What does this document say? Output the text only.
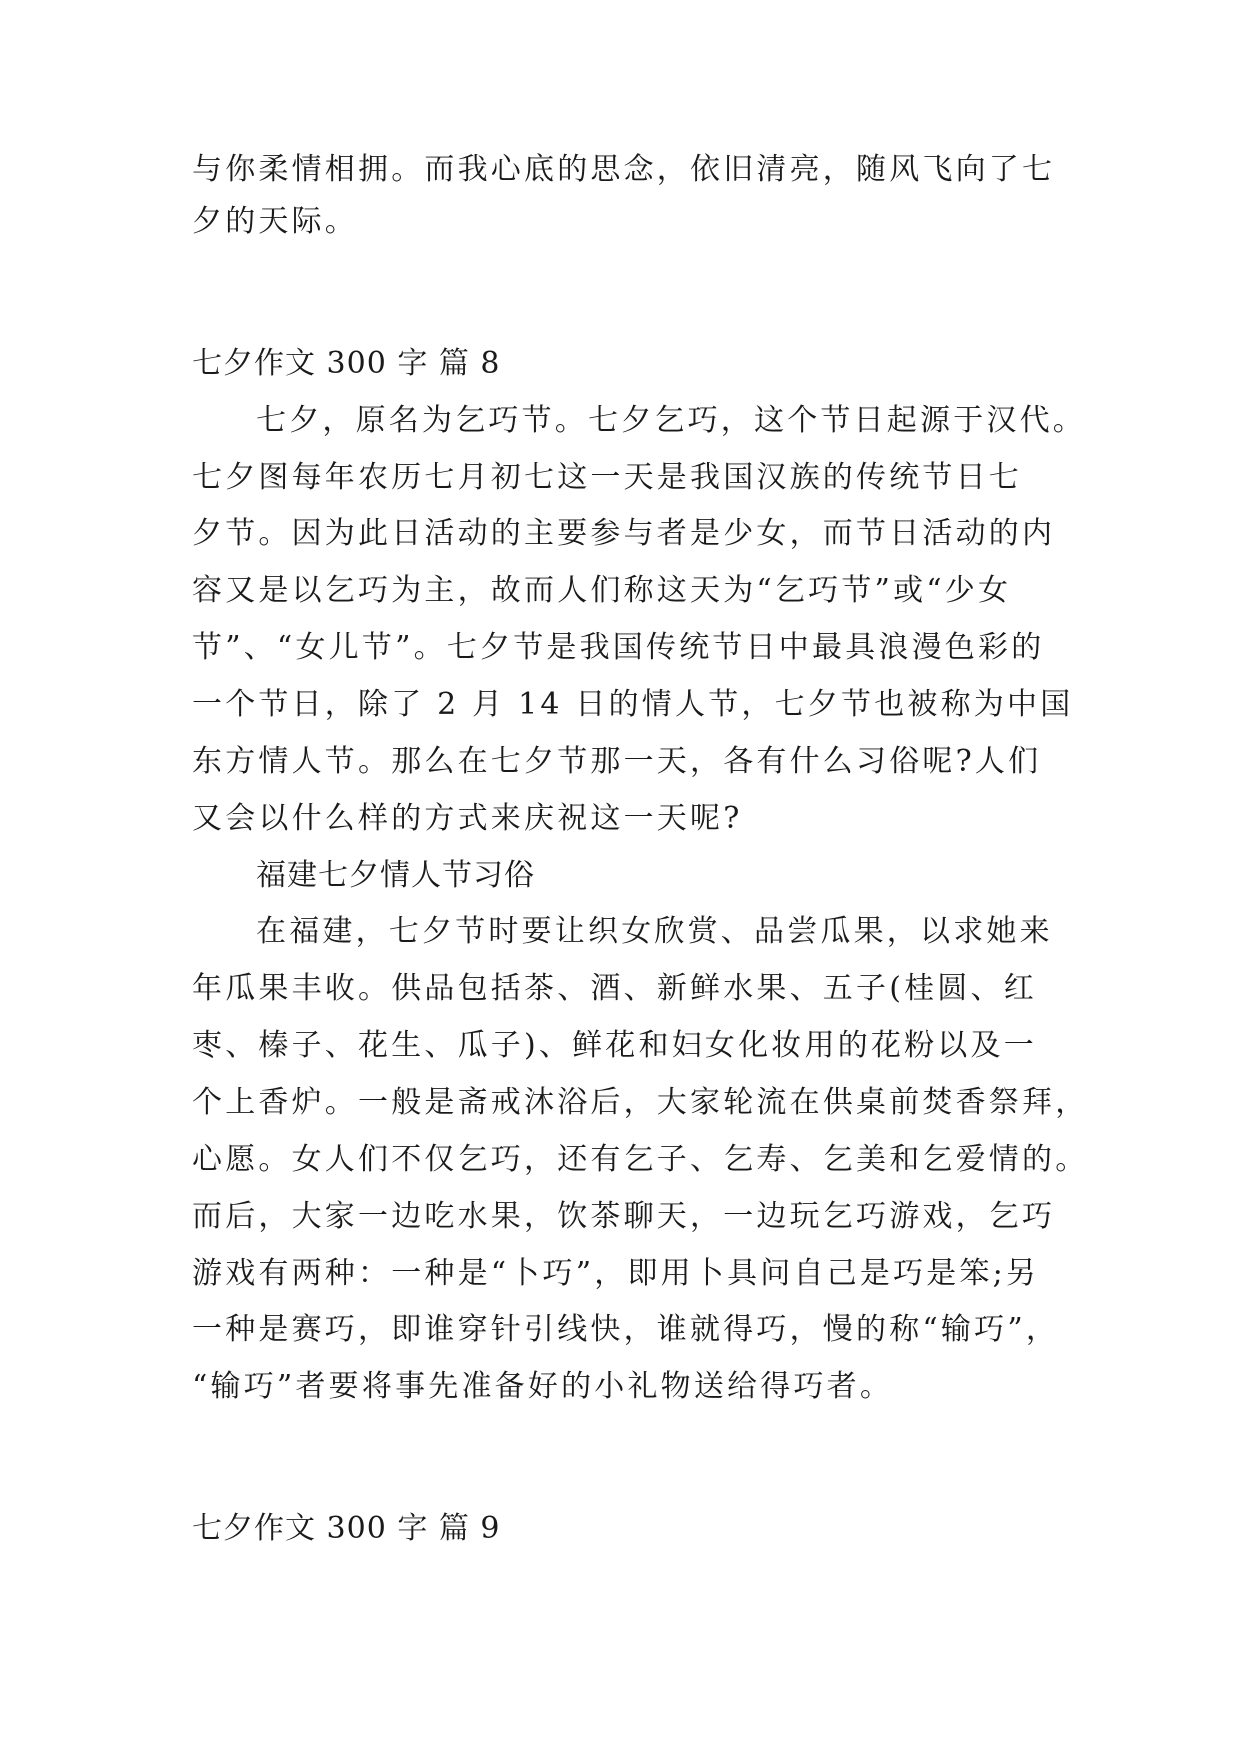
与你柔情相拥。而我心底的思念，依旧清亮，随风飞向了七
夕的天际。
七夕作文 300 字 篇 8
七夕，原名为乞巧节。七夕乞巧，这个节日起源于汉代。
七夕图每年农历七月初七这一天是我国汉族的传统节日七
夕节。因为此日活动的主要参与者是少女，而节日活动的内
容又是以乞巧为主，故而人们称这天为“乞巧节”或“少女
节”、“女儿节”。七夕节是我国传统节日中最具浪漫色彩的
一个节日，除了 2 月 14 日的情人节，七夕节也被称为中国
东方情人节。那么在七夕节那一天，各有什么习俗呢?人们
又会以什么样的方式来庆祝这一天呢?
福建七夕情人节习俗
在福建，七夕节时要让织女欣赏、品尝瓜果，以求她来
年瓜果丰收。供品包括茶、酒、新鲜水果、五子(桂圆、红
枣、榛子、花生、瓜子)、鲜花和妇女化妆用的花粉以及一
个上香炉。一般是斋戒沐浴后，大家轮流在供桌前焚香祭拜，
心愿。女人们不仅乞巧，还有乞子、乞寿、乞美和乞爱情的。
而后，大家一边吃水果，饮茶聊天，一边玩乞巧游戏，乞巧
游戏有两种：一种是“卜巧”，即用卜具问自己是巧是笨;另
一种是赛巧，即谁穿针引线快，谁就得巧，慢的称“输巧”，
“输巧”者要将事先准备好的小礼物送给得巧者。
七夕作文 300 字 篇 9
